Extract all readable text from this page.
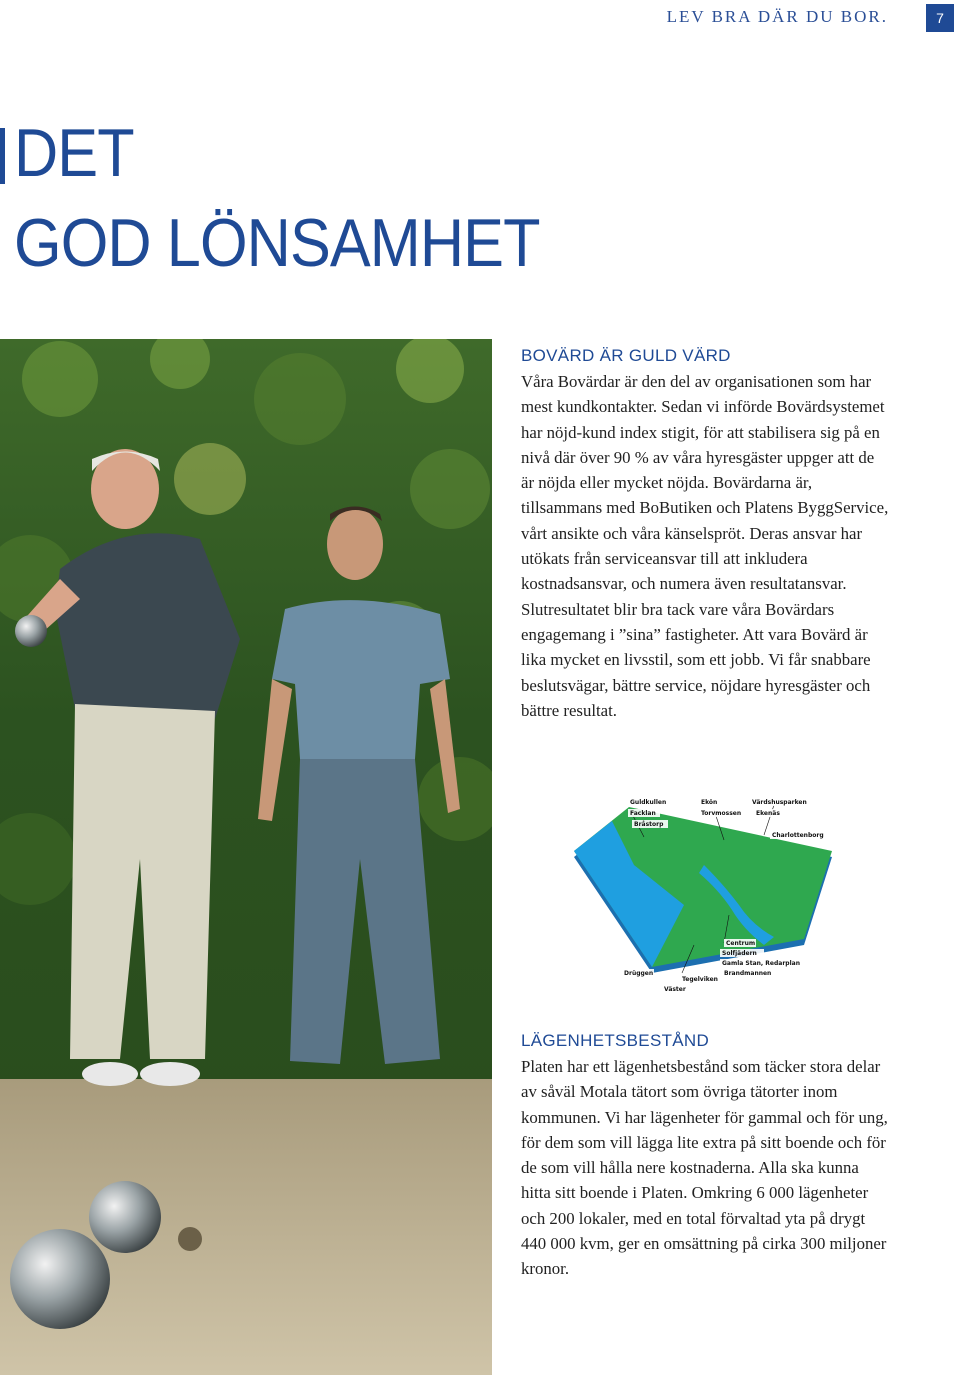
LEV BRA DÄR DU BOR.	7
DET
GOD LÖNSAMHET
BOVÄRD ÄR GULD VÄRD

Våra Bovärdar är den del av organisationen som har mest kundkontakter. Sedan vi införde Bovärdsystemet har nöjd-kund index stigit, för att stabilisera sig på en nivå där över 90 % av våra hyresgäster uppger att de är nöjda eller mycket nöjda. Bovärdarna är, tillsammans med BoButiken och Platens ByggService, vårt ansikte och våra känselspröt. Deras ansvar har utökats från serviceansvar till att inkludera kostnadsansvar, och numera även resultatansvar. Slutresultatet blir bra tack vare våra Bovärdars engagemang i ”sina” fastigheter. Att vara Bovärd är lika mycket en livsstil, som ett jobb. Vi får snabbare beslutsvägar, bättre service, nöjdare hyresgäster och bättre resultat.

Guldkullen	Ekön	Värdshusparken
Facklan	Torvmossen Ekenäs
Bråstorp
Charlottenborg
Centrum
Solfjädern
Gamla Stan, Redarplan
Brandmannen
Drüggen
Tegelviken
Väster
LÄGENHETSBESTÅND

Platen har ett lägenhetsbestånd som täcker stora delar av såväl Motala tätort som övriga tätorter inom kommunen. Vi har lägenheter för gammal och för ung, för dem som vill lägga lite extra på sitt boende och för de som vill hålla nere kostnaderna. Alla ska kunna hitta sitt boende i Platen. Omkring 6 000 lägenheter och 200 lokaler, med en total förvaltad yta på drygt 440 000 kvm, ger en omsättning på cirka 300 miljoner kronor.
